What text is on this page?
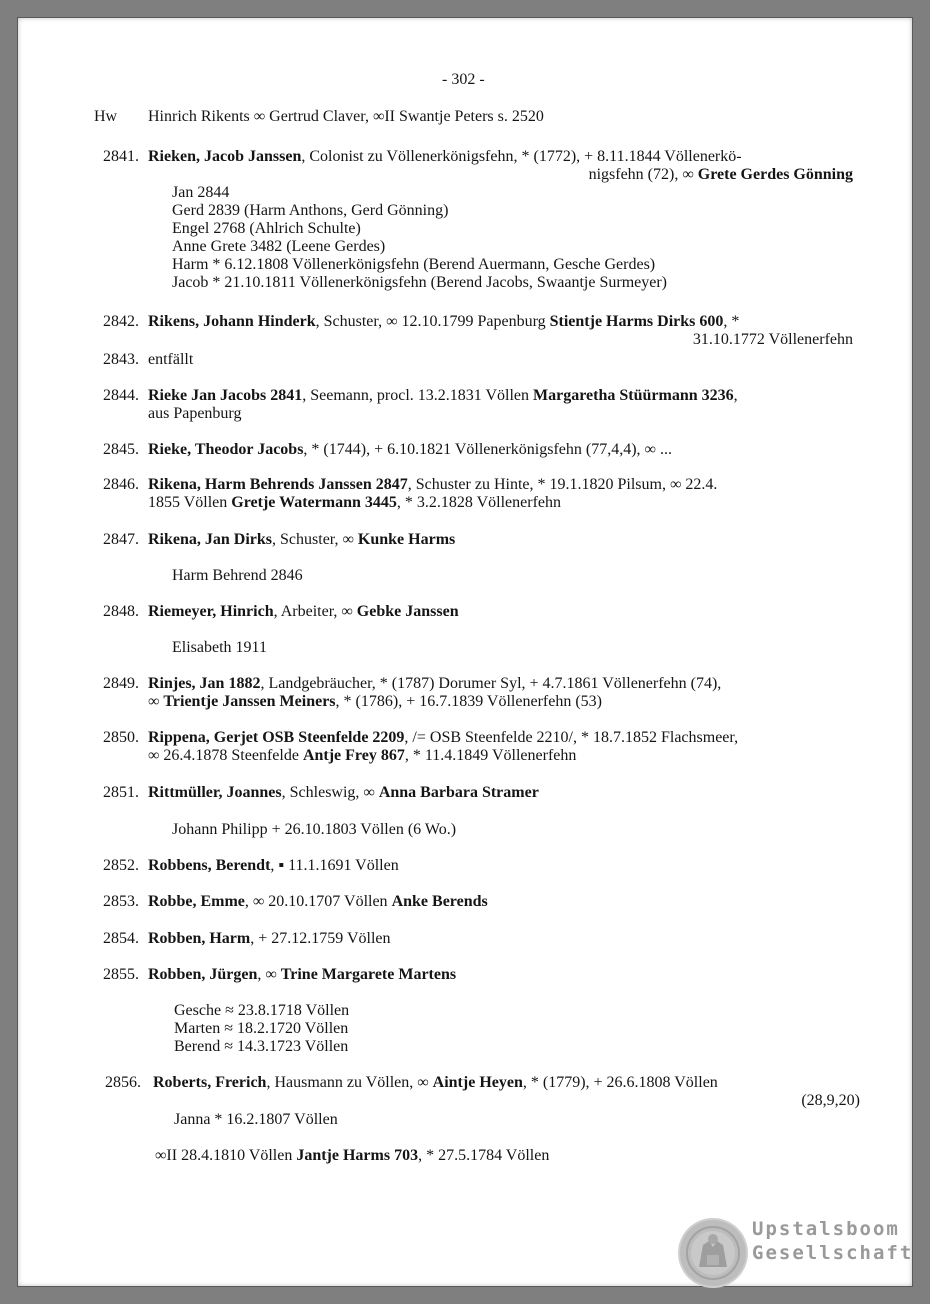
- 302 -
Hw Hinrich Rikents ∞ Gertrud Claver, ∞II Swantje Peters s. 2520
2841. Rieken, Jacob Janssen, Colonist zu Völlenerkönigsfehn, * (1772), + 8.11.1844 Völlenerkö-
nigsfehn (72), ∞ Grete Gerdes Gönning
Jan 2844
Gerd 2839 (Harm Anthons, Gerd Gönning)
Engel 2768 (Ahlrich Schulte)
Anne Grete 3482 (Leene Gerdes)
Harm * 6.12.1808 Völlenerkönigsfehn (Berend Auermann, Gesche Gerdes)
Jacob * 21.10.1811 Völlenerkönigsfehn (Berend Jacobs, Swaantje Surmeyer)
2842. Rikens, Johann Hinderk, Schuster, ∞ 12.10.1799 Papenburg Stientje Harms Dirks 600, *
31.10.1772 Völlenerfehn
2843. entfällt
2844. Rieke Jan Jacobs 2841, Seemann, procl. 13.2.1831 Völlen Margaretha Stüürmann 3236,
aus Papenburg
2845. Rieke, Theodor Jacobs, * (1744), + 6.10.1821 Völlenerkönigsfehn (77,4,4), ∞ ...
2846. Rikena, Harm Behrends Janssen 2847, Schuster zu Hinte, * 19.1.1820 Pilsum, ∞ 22.4.
1855 Völlen Gretje Watermann 3445, * 3.2.1828 Völlenerfehn
2847. Rikena, Jan Dirks, Schuster, ∞ Kunke Harms
Harm Behrend 2846
2848. Riemeyer, Hinrich, Arbeiter, ∞ Gebke Janssen
Elisabeth 1911
2849. Rinjes, Jan 1882, Landgebräucher, * (1787) Dorumer Syl, + 4.7.1861 Völlenerfehn (74),
∞ Trientje Janssen Meiners, * (1786), + 16.7.1839 Völlenerfehn (53)
2850. Rippena, Gerjet OSB Steenfelde 2209, /= OSB Steenfelde 2210/, * 18.7.1852 Flachsmeer,
∞ 26.4.1878 Steenfelde Antje Frey 867, * 11.4.1849 Völlenerfehn
2851. Rittmüller, Joannes, Schleswig, ∞ Anna Barbara Stramer
Johann Philipp + 26.10.1803 Völlen (6 Wo.)
2852. Robbens, Berendt, ▪ 11.1.1691 Völlen
2853. Robbe, Emme, ∞ 20.10.1707 Völlen Anke Berends
2854. Robben, Harm, + 27.12.1759 Völlen
2855. Robben, Jürgen, ∞ Trine Margarete Martens
Gesche ≈ 23.8.1718 Völlen
Marten ≈ 18.2.1720 Völlen
Berend ≈ 14.3.1723 Völlen
2856. Roberts, Frerich, Hausmann zu Völlen, ∞ Aintje Heyen, * (1779), + 26.6.1808 Völlen
(28,9,20)
Janna * 16.2.1807 Völlen
∞II 28.4.1810 Völlen Jantje Harms 703, * 27.5.1784 Völlen
Upstalsboom
Gesellschaft
